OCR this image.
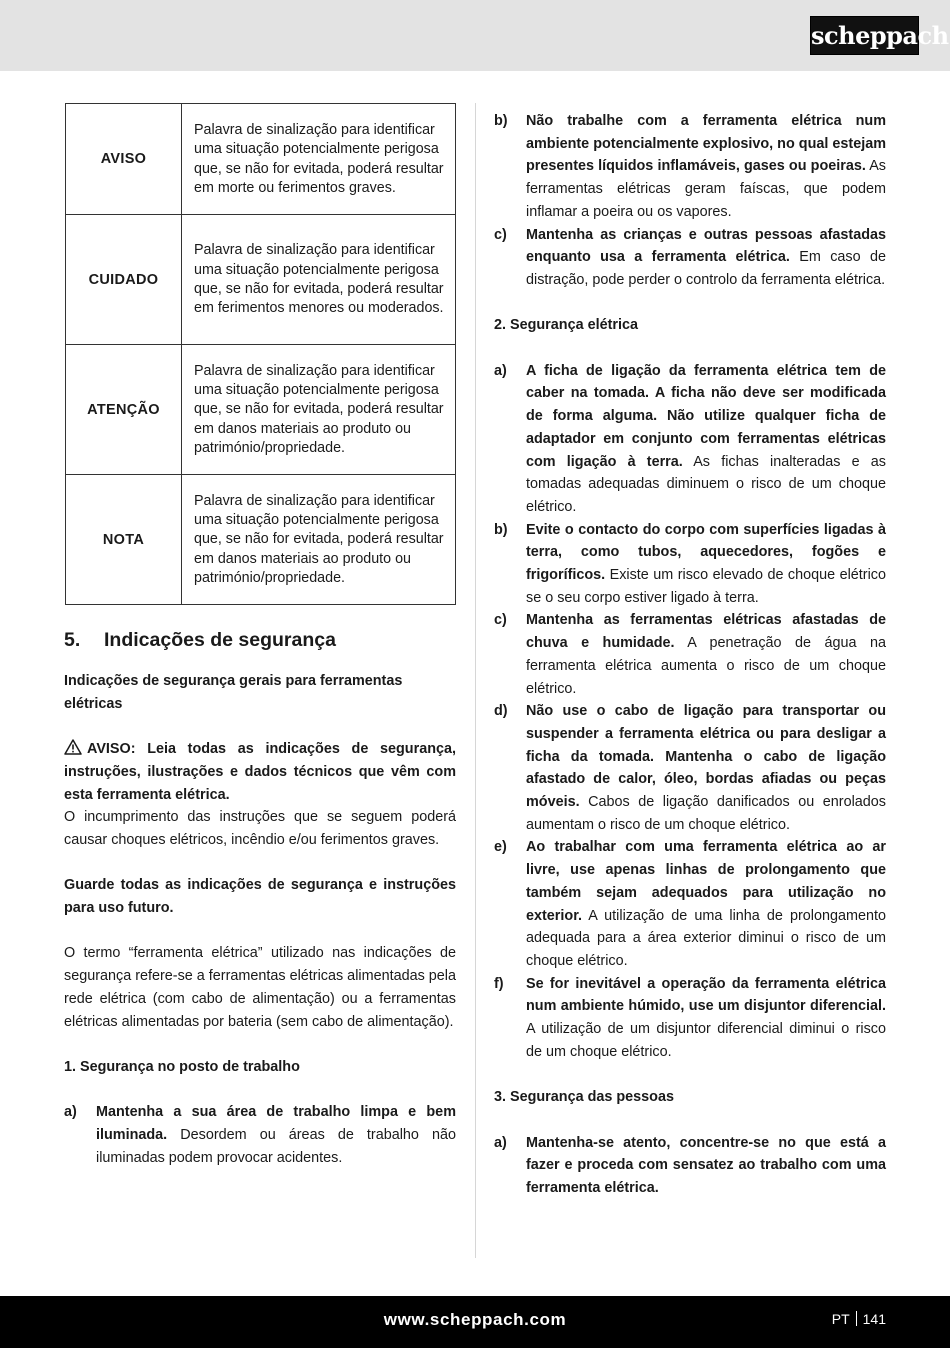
scheppach
AVISO	Palavra de sinalização para identificar uma situação potencialmente perigosa que, se não for evitada, poderá resultar em morte ou ferimentos graves.
CUIDADO	Palavra de sinalização para identificar uma situação potencialmente perigosa que, se não for evitada, poderá resultar em ferimentos menores ou moderados.
ATENÇÃO	Palavra de sinalização para identificar uma situação potencialmente perigosa que, se não for evitada, poderá resultar em danos materiais ao produto ou património/propriedade.
NOTA	Palavra de sinalização para identificar uma situação potencialmente perigosa que, se não for evitada, poderá resultar em danos materiais ao produto ou património/propriedade.
5.	Indicações de segurança
Indicações de segurança gerais para ferramentas elétricas
AVISO: Leia todas as indicações de segurança, instruções, ilustrações e dados técnicos que vêm com esta ferramenta elétrica.
O incumprimento das instruções que se seguem poderá causar choques elétricos, incêndio e/ou ferimentos graves.
Guarde todas as indicações de segurança e instruções para uso futuro.
O termo “ferramenta elétrica” utilizado nas indicações de segurança refere-se a ferramentas elétricas alimentadas pela rede elétrica (com cabo de alimentação) ou a ferramentas elétricas alimentadas por bateria (sem cabo de alimentação).
1. Segurança no posto de trabalho
a)	Mantenha a sua área de trabalho limpa e bem iluminada. Desordem ou áreas de trabalho não iluminadas podem provocar acidentes.
b)	Não trabalhe com a ferramenta elétrica num ambiente potencialmente explosivo, no qual estejam presentes líquidos inflamáveis, gases ou poeiras. As ferramentas elétricas geram faíscas, que podem inflamar a poeira ou os vapores.
c)	Mantenha as crianças e outras pessoas afastadas enquanto usa a ferramenta elétrica. Em caso de distração, pode perder o controlo da ferramenta elétrica.
2. Segurança elétrica
a)	A ficha de ligação da ferramenta elétrica tem de caber na tomada. A ficha não deve ser modificada de forma alguma. Não utilize qualquer ficha de adaptador em conjunto com ferramentas elétricas com ligação à terra. As fichas inalteradas e as tomadas adequadas diminuem o risco de um choque elétrico.
b)	Evite o contacto do corpo com superfícies ligadas à terra, como tubos, aquecedores, fogões e frigoríficos. Existe um risco elevado de choque elétrico se o seu corpo estiver ligado à terra.
c)	Mantenha as ferramentas elétricas afastadas de chuva e humidade. A penetração de água na ferramenta elétrica aumenta o risco de um choque elétrico.
d)	Não use o cabo de ligação para transportar ou suspender a ferramenta elétrica ou para desligar a ficha da tomada. Mantenha o cabo de ligação afastado de calor, óleo, bordas afiadas ou peças móveis. Cabos de ligação danificados ou enrolados aumentam o risco de um choque elétrico.
e)	Ao trabalhar com uma ferramenta elétrica ao ar livre, use apenas linhas de prolongamento que também sejam adequados para utilização no exterior. A utilização de uma linha de prolongamento adequada para a área exterior diminui o risco de um choque elétrico.
f)	Se for inevitável a operação da ferramenta elétrica num ambiente húmido, use um disjuntor diferencial. A utilização de um disjuntor diferencial diminui o risco de um choque elétrico.
3. Segurança das pessoas
a)	Mantenha-se atento, concentre-se no que está a fazer e proceda com sensatez ao trabalho com uma ferramenta elétrica.
www.scheppach.com	PT 141
